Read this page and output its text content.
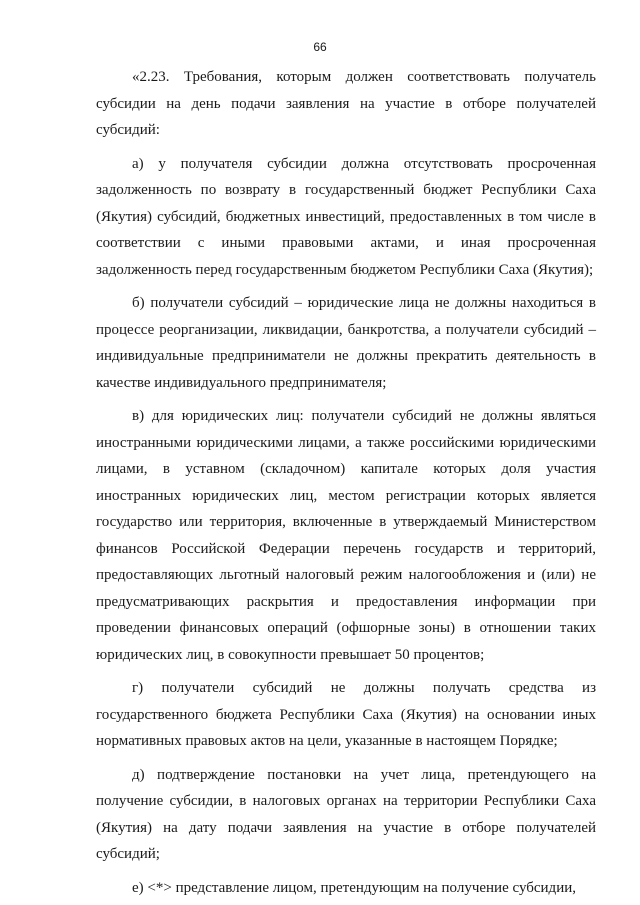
66

«2.23. Требования, которым должен соответствовать получатель субсидии на день подачи заявления на участие в отборе получателей субсидий:

а) у получателя субсидии должна отсутствовать просроченная задолженность по возврату в государственный бюджет Республики Саха (Якутия) субсидий, бюджетных инвестиций, предоставленных в том числе в соответствии с иными правовыми актами, и иная просроченная задолженность перед государственным бюджетом Республики Саха (Якутия);

б) получатели субсидий – юридические лица не должны находиться в процессе реорганизации, ликвидации, банкротства, а получатели субсидий – индивидуальные предприниматели не должны прекратить деятельность в качестве индивидуального предпринимателя;

в) для юридических лиц: получатели субсидий не должны являться иностранными юридическими лицами, а также российскими юридическими лицами, в уставном (складочном) капитале которых доля участия иностранных юридических лиц, местом регистрации которых является государство или территория, включенные в утверждаемый Министерством финансов Российской Федерации перечень государств и территорий, предоставляющих льготный налоговый режим налогообложения и (или) не предусматривающих раскрытия и предоставления информации при проведении финансовых операций (офшорные зоны) в отношении таких юридических лиц, в совокупности превышает 50 процентов;

г) получатели субсидий не должны получать средства из государственного бюджета Республики Саха (Якутия) на основании иных нормативных правовых актов на цели, указанные в настоящем Порядке;

д) подтверждение постановки на учет лица, претендующего на получение субсидии, в налоговых органах на территории Республики Саха (Якутия) на дату подачи заявления на участие в отборе получателей субсидий;

е) <*> представление лицом, претендующим на получение субсидии,
